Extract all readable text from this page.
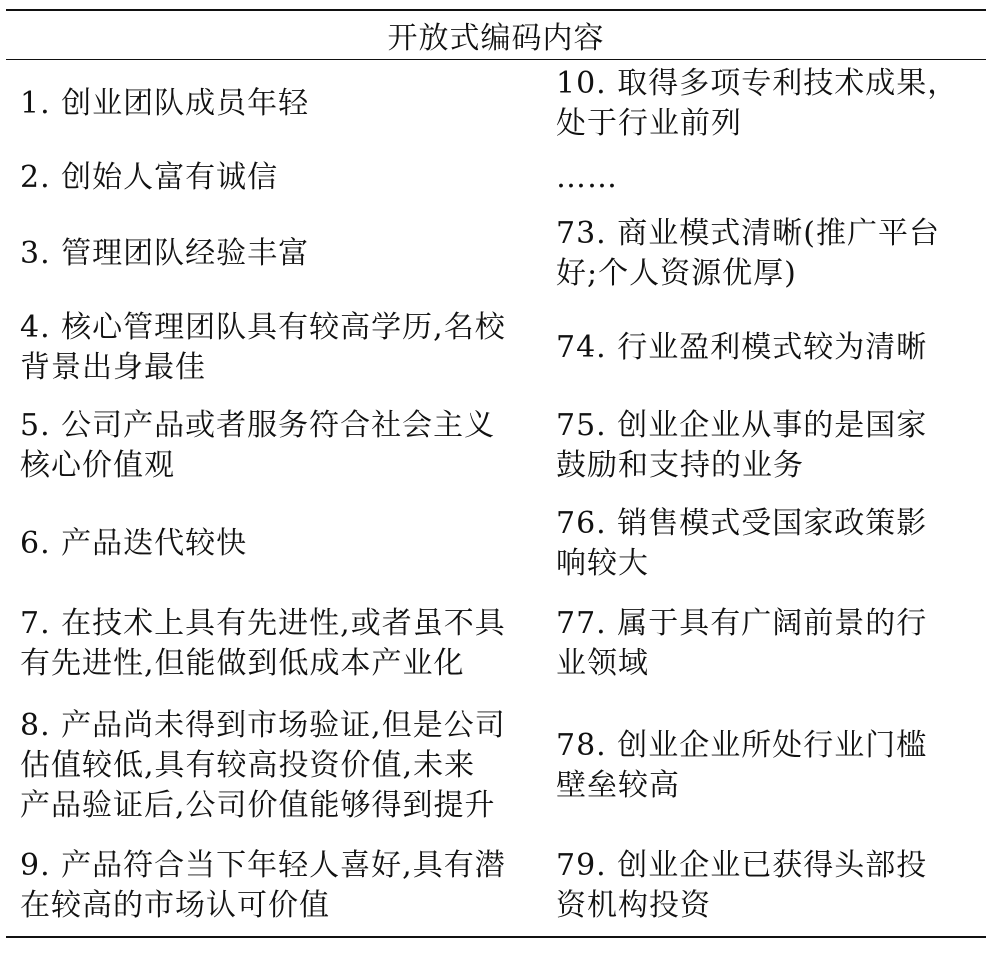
开放式编码内容
1. 创业团队成员年轻
10. 取得多项专利技术成果，
处于行业前列
2. 创始人富有诚信	……
3. 管理团队经验丰富
73. 商业模式清晰(推广平台
好;个人资源优厚)
4. 核心管理团队具有较高学历,名校
背景出身最佳
74. 行业盈利模式较为清晰
5. 公司产品或者服务符合社会主义
核心价值观
75. 创业企业从事的是国家
鼓励和支持的业务
6. 产品迭代较快
76. 销售模式受国家政策影
响较大
7. 在技术上具有先进性,或者虽不具
有先进性,但能做到低成本产业化
77. 属于具有广阔前景的行
业领域
8. 产品尚未得到市场验证,但是公司
估值较低,具有较高投资价值,未来
产品验证后,公司价值能够得到提升
78. 创业企业所处行业门槛
壁垒较高
9. 产品符合当下年轻人喜好,具有潜
在较高的市场认可价值
79. 创业企业已获得头部投
资机构投资
